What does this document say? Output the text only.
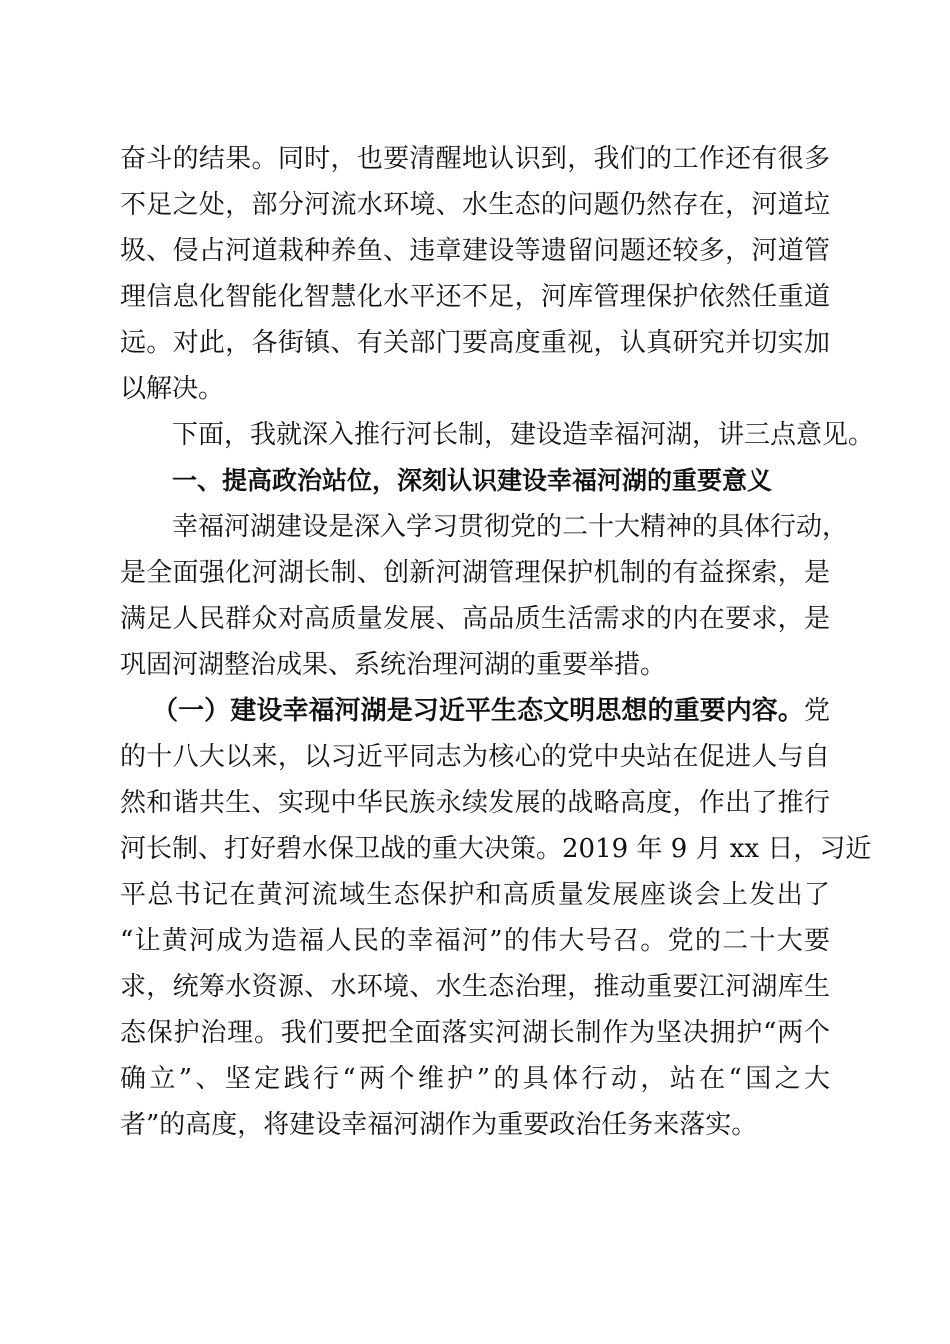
奋斗的结果。同时，也要清醒地认识到，我们的工作还有很多
不足之处，部分河流水环境、水生态的问题仍然存在，河道垃
圾、侵占河道栽种养鱼、违章建设等遗留问题还较多，河道管
理信息化智能化智慧化水平还不足，河库管理保护依然任重道
远。对此，各街镇、有关部门要高度重视，认真研究并切实加
以解决。
下面，我就深入推行河长制，建设造幸福河湖，讲三点意见。
一、提高政治站位，深刻认识建设幸福河湖的重要意义
幸福河湖建设是深入学习贯彻党的二十大精神的具体行动，
是全面强化河湖长制、创新河湖管理保护机制的有益探索，是
满足人民群众对高质量发展、高品质生活需求的内在要求，是
巩固河湖整治成果、系统治理河湖的重要举措。
（一）建设幸福河湖是习近平生态文明思想的重要内容。党
的十八大以来，以习近平同志为核心的党中央站在促进人与自
然和谐共生、实现中华民族永续发展的战略高度，作出了推行
河长制、打好碧水保卫战的重大决策。2019 年 9 月 xx 日，习近
平总书记在黄河流域生态保护和高质量发展座谈会上发出了
“让黄河成为造福人民的幸福河”的伟大号召。党的二十大要
求，统筹水资源、水环境、水生态治理，推动重要江河湖库生
态保护治理。我们要把全面落实河湖长制作为坚决拥护“两个
确立”、坚定践行“两个维护”的具体行动，站在“国之大
者”的高度，将建设幸福河湖作为重要政治任务来落实。
